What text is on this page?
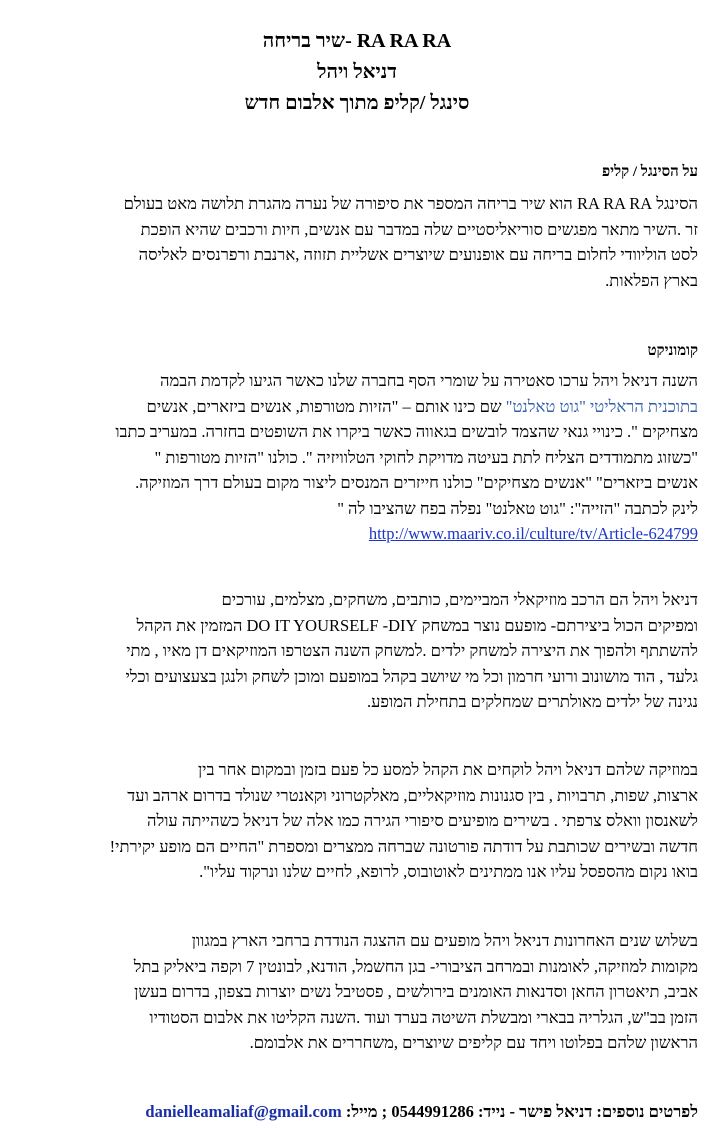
RA RA RA -שיר בריחה
דניאל ויהל
סינגל /קליפ מתוך אלבום חדש
על הסינגל / קליפ
הסינגל RA RA RA הוא שיר בריחה המספר את סיפורה של נערה מהגרת תלושה מאט בעולם
זר .השיר מתאר מפגשים סוריאליסטיים שלה במדבר עם אנשים, חיות ורכבים שהיא הופכת
לסט הוליוודי לחלום בריחה עם אופנועים שיוצרים אשליית תזוזה ,ארנבת ורפרנסים לאליסה
בארץ הפלאות.
קומוניקט
השנה דניאל ויהל ערכו סאטירה על שומרי הסף בחברה שלנו כאשר הגיעו לקדמת הבמה
בתוכנית הראליטי "גוט טאלנט" שם כינו אותם – "הזיות מטורפות, אנשים ביזארים, אנשים
מצחיקים ". כינויי גנאי שהצמד לובשים בגאווה כאשר ביקרו את השופטים בחזרה. במעריב כתבו
"כשזוג מתמודדים הצליח לתת בעיטה מדויקת לחוקי הטלוויזיה ". כולנו "הזיות מטורפות "
אנשים ביזארים" "אנשים מצחיקים" כולנו חייזרים המנסים ליצור מקום בעולם דרך המוזיקה.
לינק לכתבה "הזייה": "גוט טאלנט" נפלה בפח שהציבו לה "
http://www.maariv.co.il/culture/tv/Article-624799
דניאל ויהל הם הרכב מוזיקאלי המביימים, כותבים, משחקים, מצלמים, עורכים
ומפיקים הכול ביצירתם- מופעם נוצר במשחק DO IT YOURSELF -DIY המזמין את הקהל
להשתתף ולהפוך את היצירה למשחק ילדים .למשחק השנה הצטרפו המוזיקאים דן מאיו , מתי
גלעד , הוד מושונוב ורועי חרמון וכל מי שיושב בקהל במופעם ומוכן לשחק ולנגן בצעצועים וכלי
נגינה של ילדים מאולתרים שמחלקים בתחילת המופע.
במוזיקה שלהם דניאל ויהל לוקחים את הקהל למסע כל פעם בזמן ובמקום אחר בין
ארצות, שפות, תרבויות , בין סגנונות מוזיקאליים, מאלקטרוני וקאנטרי שנולד בדרום ארהב ועד
לשאנסון וואלס צרפתי . בשירים מופיעים סיפורי הגירה כמו אלה של דניאל כשהייתה עולה
חדשה ובשירים שכותבת על דודתה פורטונה שברחה ממצרים ומספרת "החיים הם מופע יקירתי!
בואו נקום מהספסל עליו אנו ממתינים לאוטובוס, לרופא, לחיים שלנו ונרקוד עליו".
בשלוש שנים האחרונות דניאל ויהל מופעים עם ההצגה הנודדת ברחבי הארץ במגוון
מקומות למוזיקה, לאומנות ובמרחב הציבורי- בגן החשמל, הודנא, לבונטין 7 וקפה ביאליק בתל
אביב, תיאטרון החאן וסדנאות האומנים בירולשים , פסטיבל נשים יוצרות בצפון, בדרום בעשן
הזמן בב"ש, הגלריה בבארי ומבשלת השיטה בערד ועוד .השנה הקליטו את אלבום הסטודיו
הראשון שלהם בפלוטו ויחד עם קליפים שיוצרים ,משחררים את אלבומם.
לפרטים נוספים: דניאל פישר - נייד: 0544991286 ; מייל: danielleamaliaf@gmail.com
